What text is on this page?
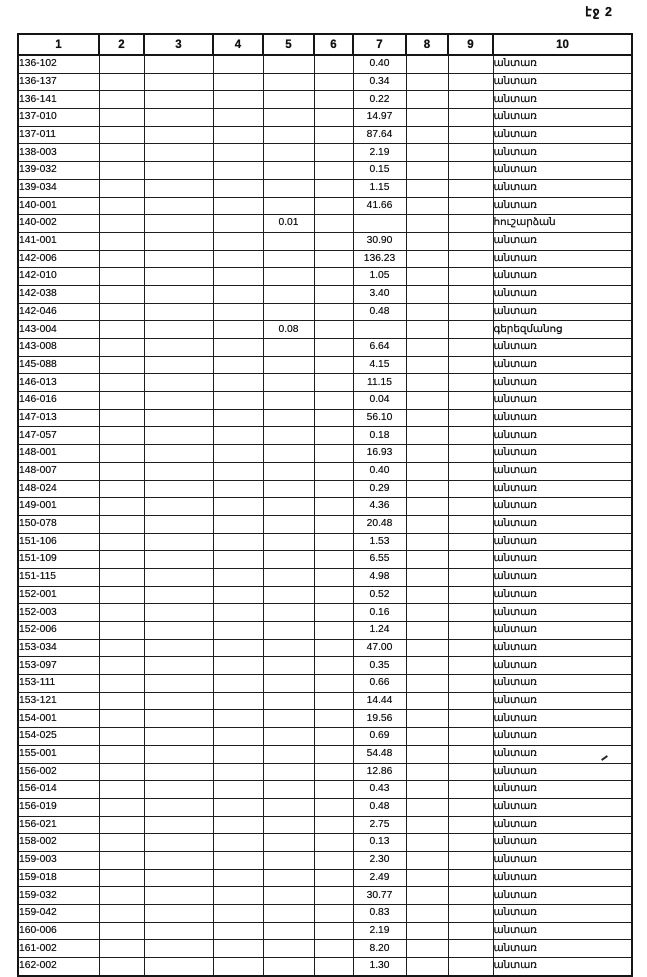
էջ 2
1	2	3	4	5	6	7	8	9	10
136-102						0.40			անտառ
136-137						0.34			անտառ
136-141						0.22			անտառ
137-010						14.97			անտառ
137-011						87.64			անտառ
138-003						2.19			անտառ
139-032						0.15			անտառ
139-034						1.15			անտառ
140-001						41.66			անտառ
140-002				0.01					հուշարձան
141-001						30.90			անտառ
142-006						136.23			անտառ
142-010						1.05			անտառ
142-038						3.40			անտառ
142-046						0.48			անտառ
143-004				0.08					գերեզմանոց
143-008						6.64			անտառ
145-088						4.15			անտառ
146-013						11.15			անտառ
146-016						0.04			անտառ
147-013						56.10			անտառ
147-057						0.18			անտառ
148-001						16.93			անտառ
148-007						0.40			անտառ
148-024						0.29			անտառ
149-001						4.36			անտառ
150-078						20.48			անտառ
151-106						1.53			անտառ
151-109						6.55			անտառ
151-115						4.98			անտառ
152-001						0.52			անտառ
152-003						0.16			անտառ
152-006						1.24			անտառ
153-034						47.00			անտառ
153-097						0.35			անտառ
153-111						0.66			անտառ
153-121						14.44			անտառ
154-001						19.56			անտառ
154-025						0.69			անտառ
155-001						54.48			անտառ
156-002						12.86			անտառ
156-014						0.43			անտառ
156-019						0.48			անտառ
156-021						2.75			անտառ
158-002						0.13			անտառ
159-003						2.30			անտառ
159-018						2.49			անտառ
159-032						30.77			անտառ
159-042						0.83			անտառ
160-006						2.19			անտառ
161-002						8.20			անտառ
162-002						1.30			անտառ
